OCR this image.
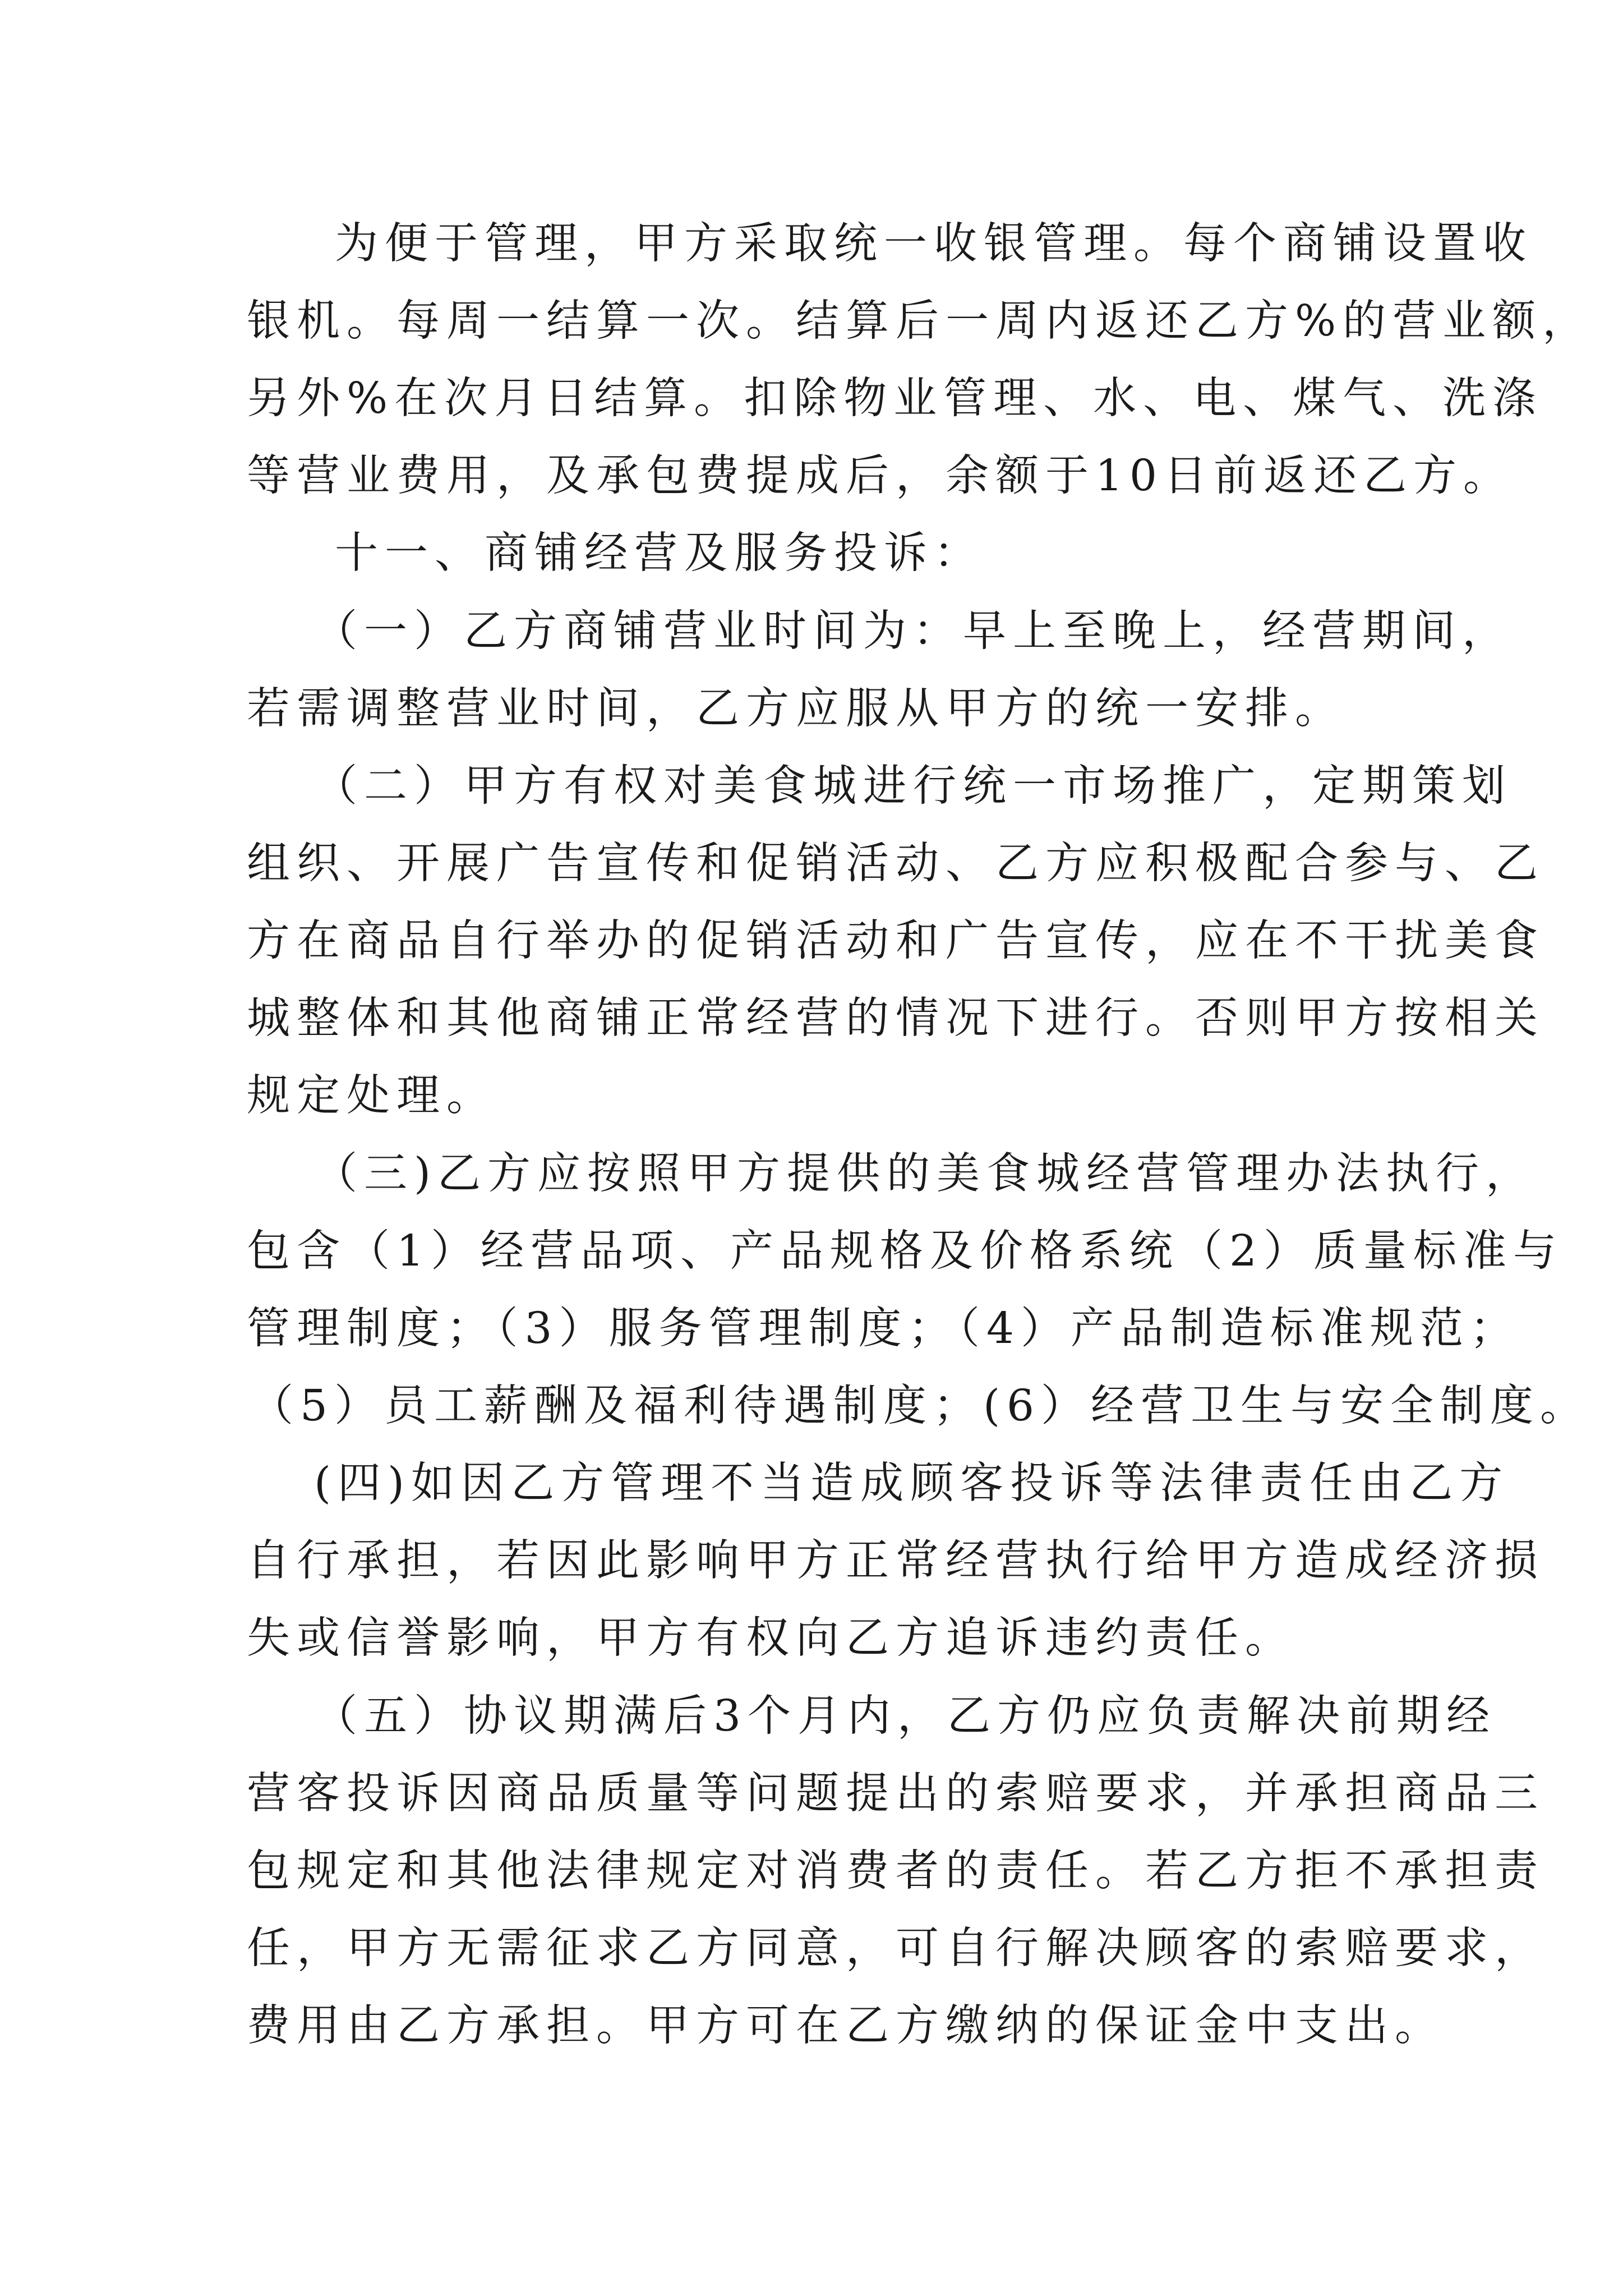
为便于管理，甲方采取统一收银管理。每个商铺设置收
银机。每周一结算一次。结算后一周内返还乙方%的营业额，
另外%在次月日结算。扣除物业管理、水、电、煤气、洗涤
等营业费用，及承包费提成后，余额于10日前返还乙方。
十一、商铺经营及服务投诉：
（一）乙方商铺营业时间为：早上至晚上，经营期间，
若需调整营业时间，乙方应服从甲方的统一安排。
（二）甲方有权对美食城进行统一市场推广，定期策划
组织、开展广告宣传和促销活动、乙方应积极配合参与、乙
方在商品自行举办的促销活动和广告宣传，应在不干扰美食
城整体和其他商铺正常经营的情况下进行。否则甲方按相关
规定处理。
（三)乙方应按照甲方提供的美食城经营管理办法执行，
包含（1）经营品项、产品规格及价格系统（2）质量标准与
管理制度；（3）服务管理制度；（4）产品制造标准规范；
（5）员工薪酬及福利待遇制度；(6）经营卫生与安全制度。
(四)如因乙方管理不当造成顾客投诉等法律责任由乙方
自行承担，若因此影响甲方正常经营执行给甲方造成经济损
失或信誉影响，甲方有权向乙方追诉违约责任。
（五）协议期满后3个月内，乙方仍应负责解决前期经
营客投诉因商品质量等问题提出的索赔要求，并承担商品三
包规定和其他法律规定对消费者的责任。若乙方拒不承担责
任，甲方无需征求乙方同意，可自行解决顾客的索赔要求，
费用由乙方承担。甲方可在乙方缴纳的保证金中支出。
